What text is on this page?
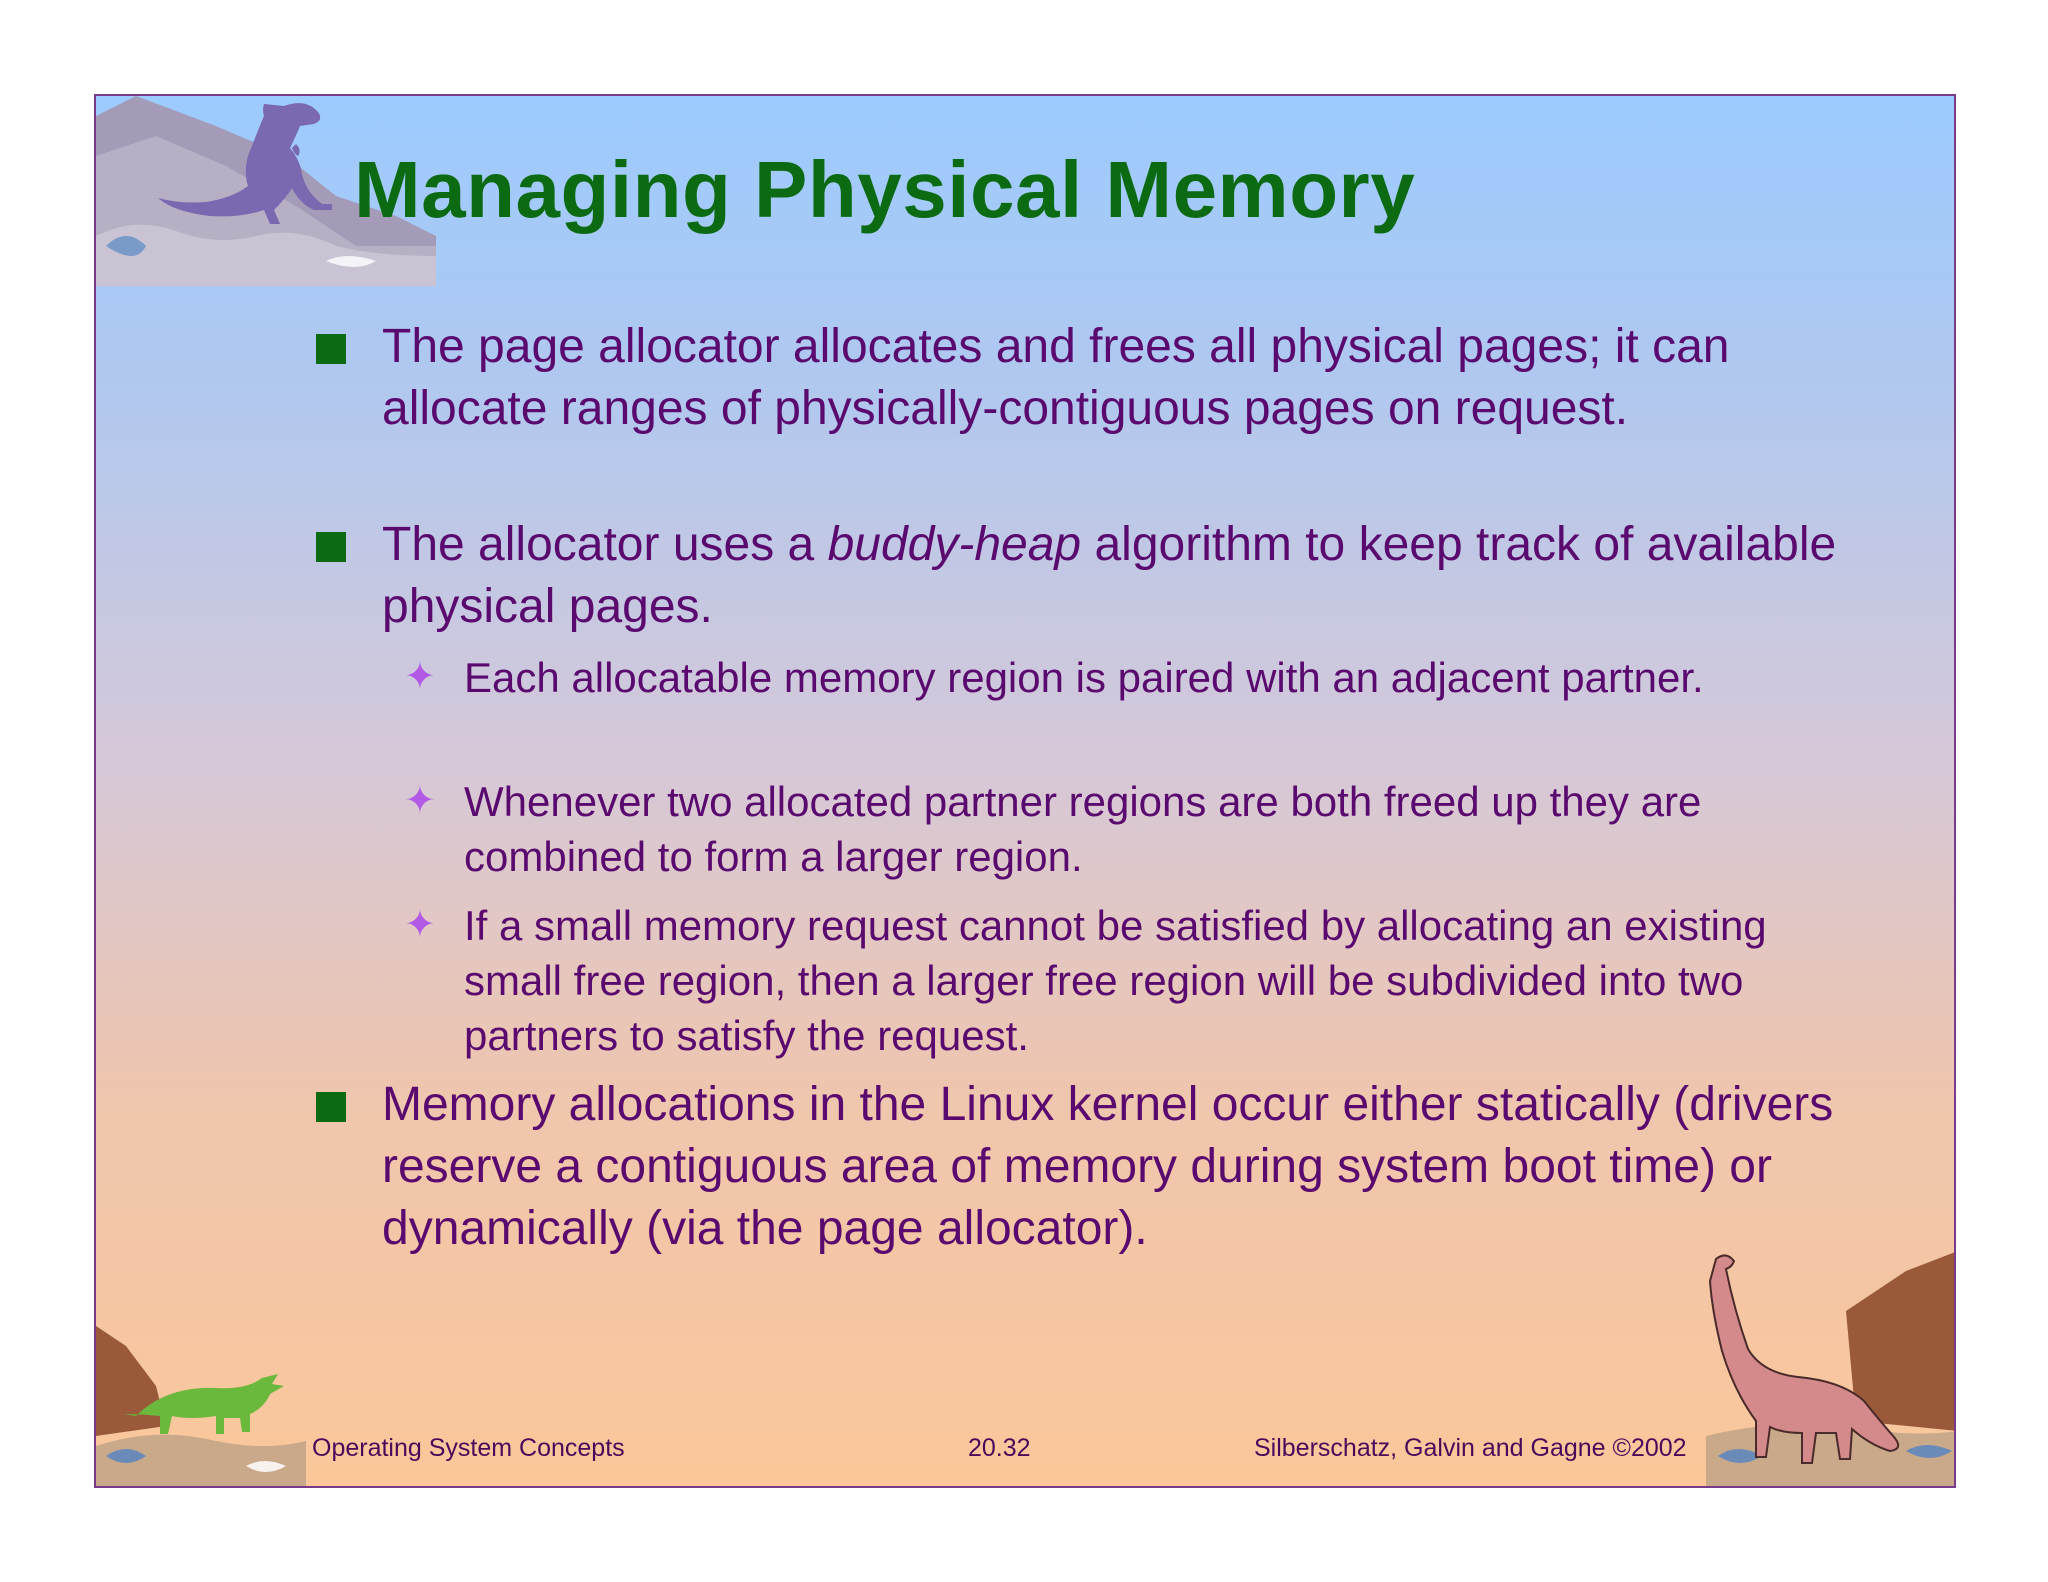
Managing Physical Memory
The page allocator allocates and frees all physical pages; it can allocate ranges of physically-contiguous pages on request.
The allocator uses a buddy-heap algorithm to keep track of available physical pages.
✦ Each allocatable memory region is paired with an adjacent partner.
✦ Whenever two allocated partner regions are both freed up they are combined to form a larger region.
✦ If a small memory request cannot be satisfied by allocating an existing small free region, then a larger free region will be subdivided into two partners to satisfy the request.
Memory allocations in the Linux kernel occur either statically (drivers reserve a contiguous area of memory during system boot time) or dynamically (via the page allocator).
Operating System Concepts	20.32	Silberschatz, Galvin and Gagne ©2002
